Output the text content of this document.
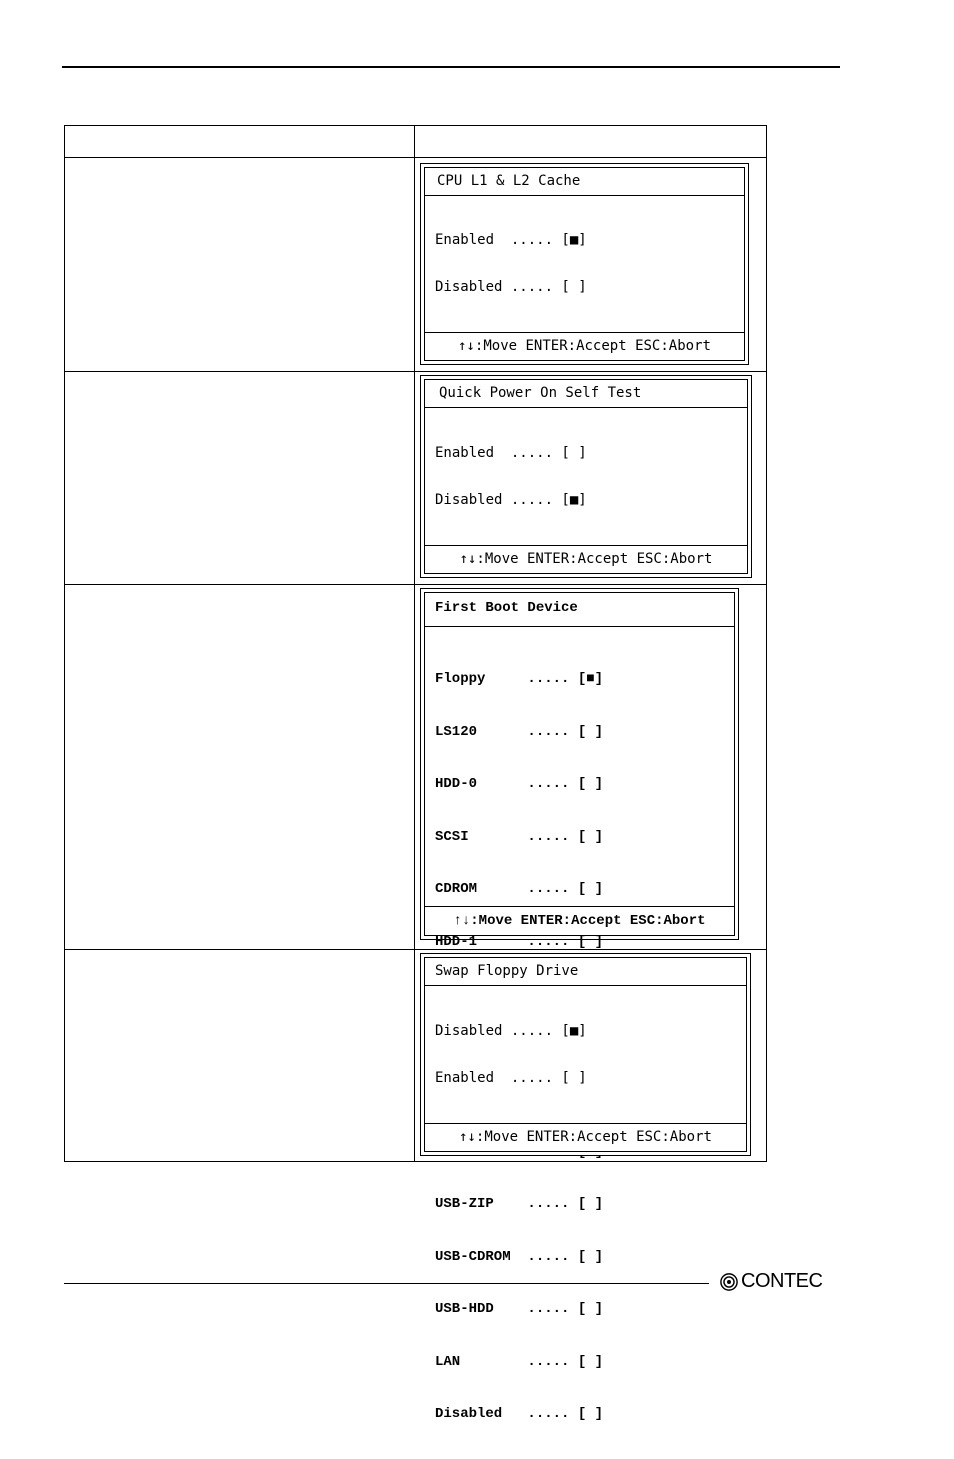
CPU L1 & L2 Cache

Enabled  ..... [■]

Disabled ..... [ ]

↑↓:Move ENTER:Accept ESC:Abort
Quick Power On Self Test

Enabled  ..... [ ]

Disabled ..... [■]

↑↓:Move ENTER:Accept ESC:Abort
First Boot Device

Floppy     ..... [■]

LS120      ..... [ ]

HDD-0      ..... [ ]

SCSI       ..... [ ]

CDROM      ..... [ ]

HDD-1      ..... [ ]

USB-ZIP    ..... [ ]

USB-CDROM  ..... [ ]

USB-HDD    ..... [ ]

LAN        ..... [ ]

Disabled   ..... [ ]

↑↓:Move ENTER:Accept ESC:Abort
Swap Floppy Drive

Disabled ..... [■]

Enabled  ..... [ ]

↑↓:Move ENTER:Accept ESC:Abort
CONTEC
